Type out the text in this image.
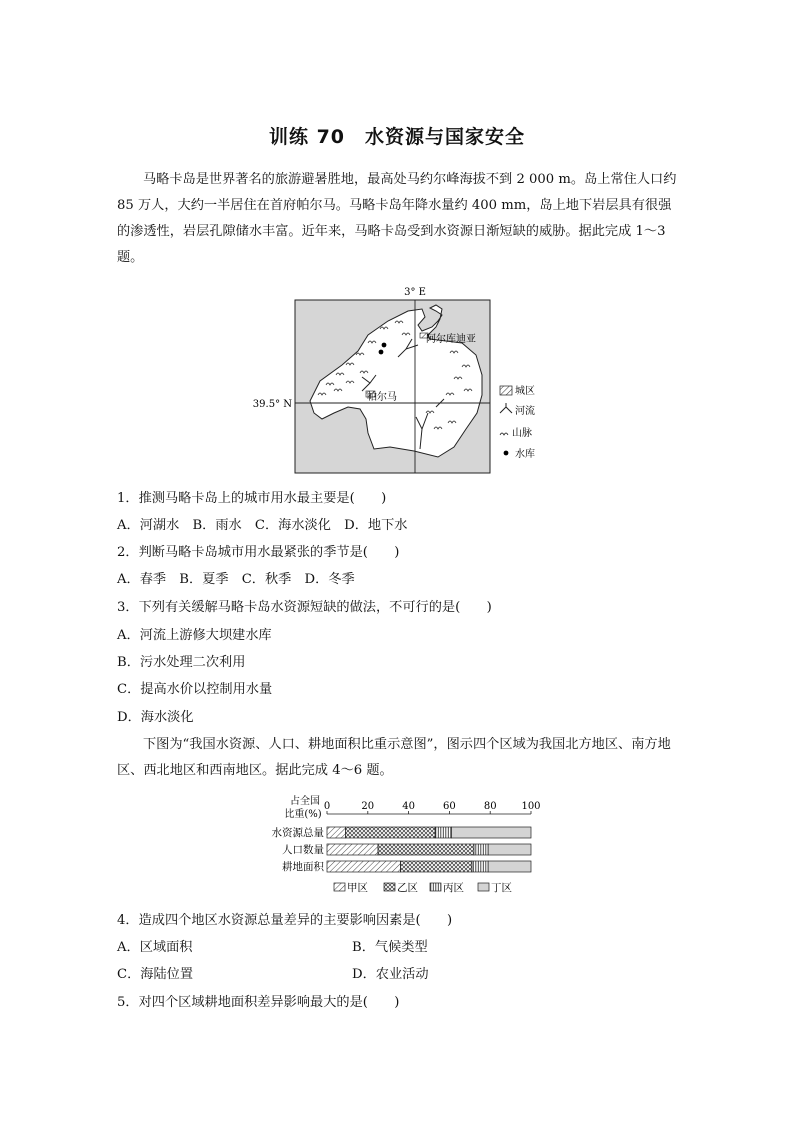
训练 70　水资源与国家安全

马略卡岛是世界著名的旅游避暑胜地，最高处马约尔峰海拔不到 2 000 m。岛上常住人口约 85 万人，大约一半居住在首府帕尔马。马略卡岛年降水量约 400 mm，岛上地下岩层具有很强的渗透性，岩层孔隙储水丰富。近年来，马略卡岛受到水资源日渐短缺的威胁。据此完成 1～3 题。

3° E
39.5° N
阿尔库迪亚
帕尔马
城区
河流
山脉
水库
1．推测马略卡岛上的城市用水最主要是(　　)
A．河湖水　B．雨水　C．海水淡化　D．地下水
2．判断马略卡岛城市用水最紧张的季节是(　　)
A．春季　B．夏季　C．秋季　D．冬季
3．下列有关缓解马略卡岛水资源短缺的做法，不可行的是(　　)
A．河流上游修大坝建水库
B．污水处理二次利用
C．提高水价以控制用水量
D．海水淡化

下图为“我国水资源、人口、耕地面积比重示意图”，图示四个区域为我国北方地区、南方地区、西北地区和西南地区。据此完成 4～6 题。

占全国
比重(%)
0	20	40	60	80 100
水资源总量
人口数量
耕地面积
甲区	乙区 丙区	丁区
4．造成四个地区水资源总量差异的主要影响因素是(　　)
A．区域面积	B．气候类型
C．海陆位置	D．农业活动
5．对四个区域耕地面积差异影响最大的是(　　)
